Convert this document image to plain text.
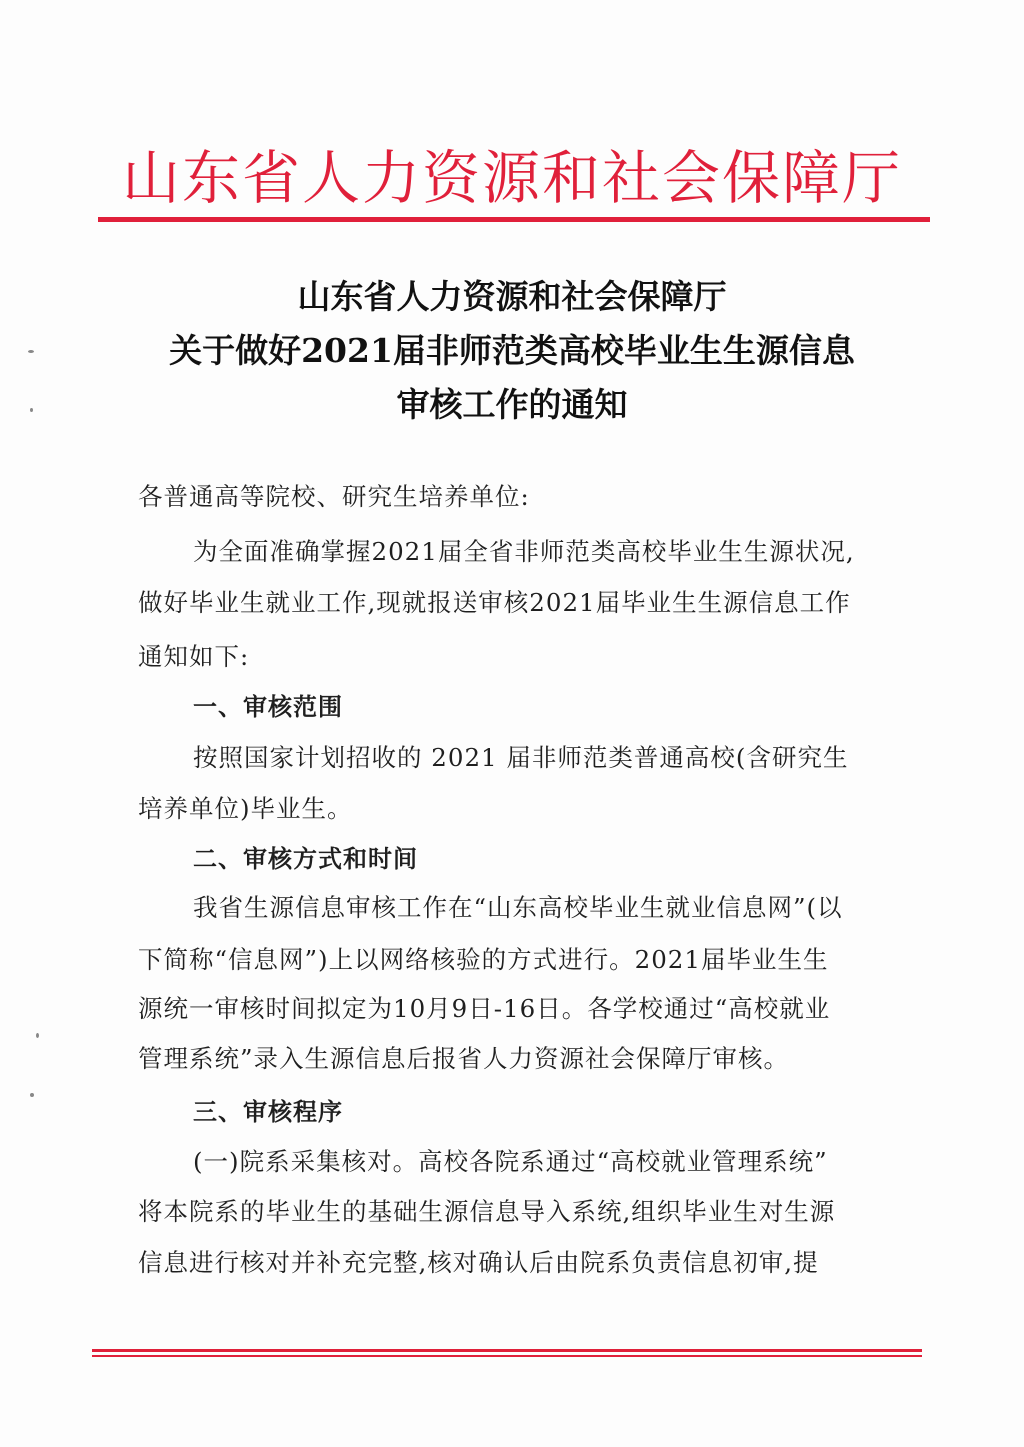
山东省人力资源和社会保障厅
山东省人力资源和社会保障厅
关于做好2021届非师范类高校毕业生生源信息
审核工作的通知
各普通高等院校、研究生培养单位:
为全面准确掌握2021届全省非师范类高校毕业生生源状况,
做好毕业生就业工作,现就报送审核2021届毕业生生源信息工作
通知如下:
一、审核范围
按照国家计划招收的 2021 届非师范类普通高校(含研究生
培养单位)毕业生。
二、审核方式和时间
我省生源信息审核工作在“山东高校毕业生就业信息网”(以
下简称“信息网”)上以网络核验的方式进行。2021届毕业生生
源统一审核时间拟定为10月9日-16日。各学校通过“高校就业
管理系统”录入生源信息后报省人力资源社会保障厅审核。
三、审核程序
(一)院系采集核对。高校各院系通过“高校就业管理系统”
将本院系的毕业生的基础生源信息导入系统,组织毕业生对生源
信息进行核对并补充完整,核对确认后由院系负责信息初审,提
